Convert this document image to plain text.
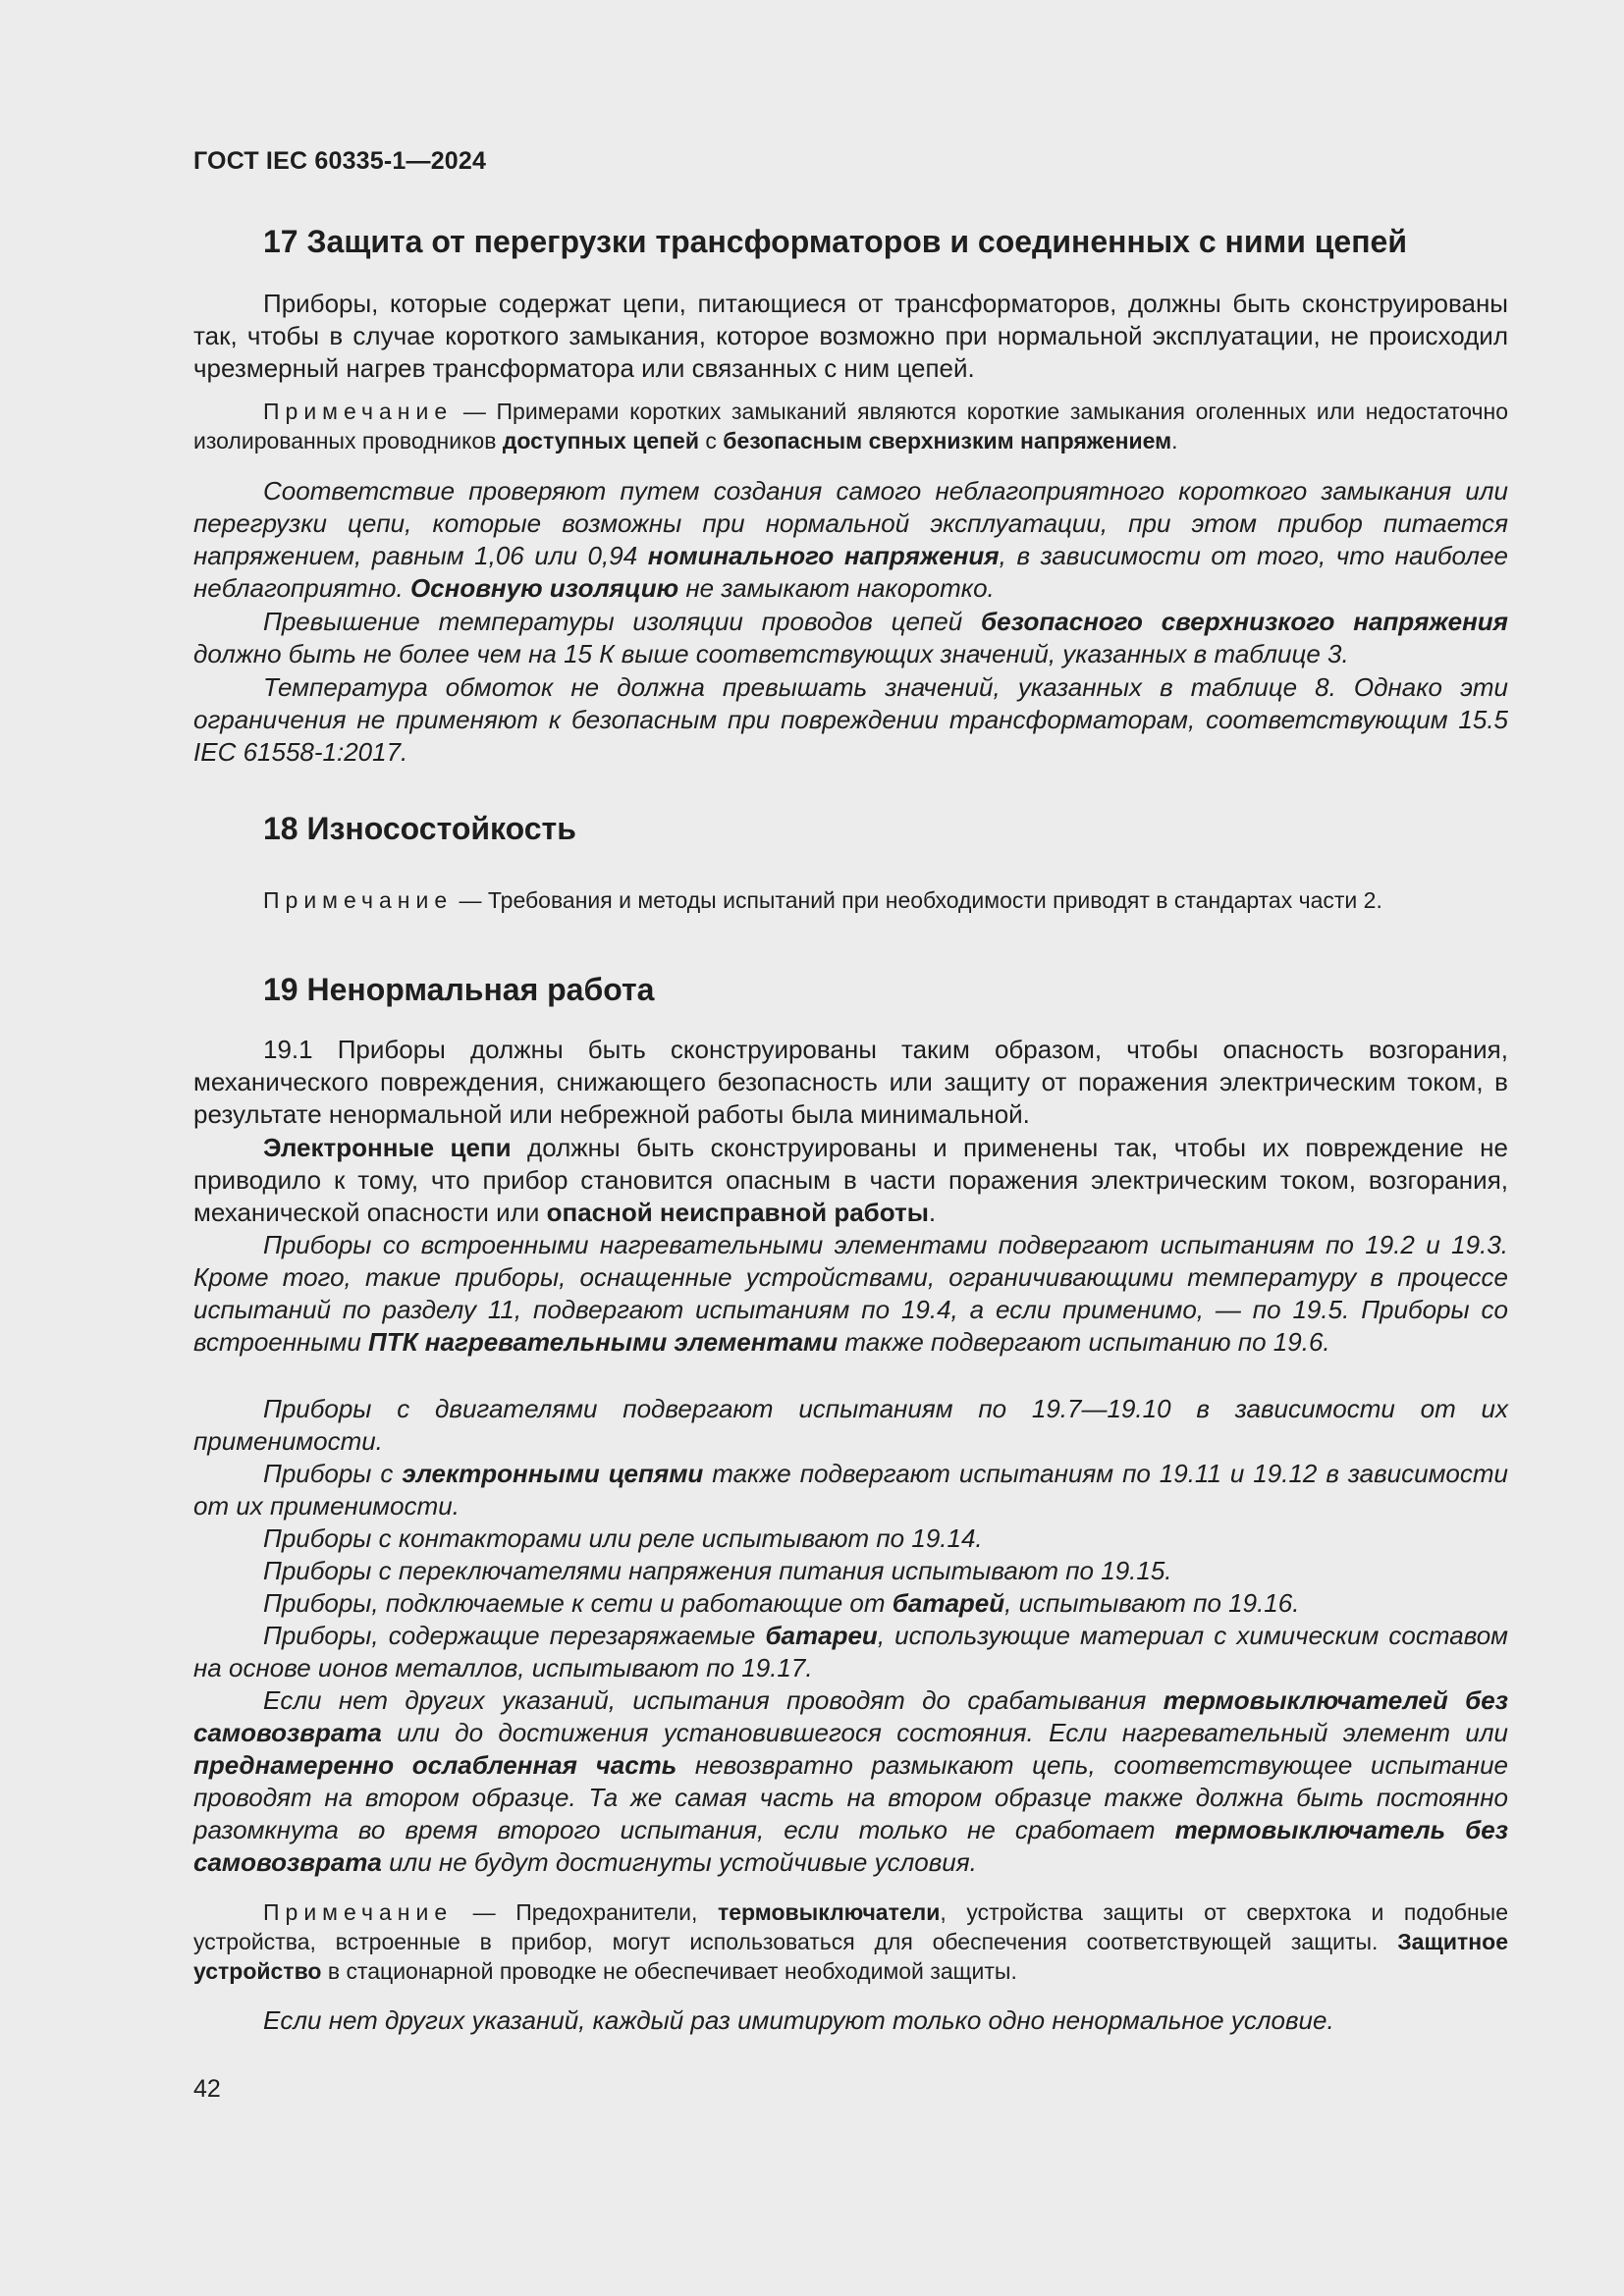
ГОСТ IEC 60335-1—2024
17 Защита от перегрузки трансформаторов и соединенных с ними цепей
Приборы, которые содержат цепи, питающиеся от трансформаторов, должны быть сконструированы так, чтобы в случае короткого замыкания, которое возможно при нормальной эксплуатации, не происходил чрезмерный нагрев трансформатора или связанных с ним цепей.
Примечание — Примерами коротких замыканий являются короткие замыкания оголенных или недостаточно изолированных проводников доступных цепей с безопасным сверхнизким напряжением.
Соответствие проверяют путем создания самого неблагоприятного короткого замыкания или перегрузки цепи, которые возможны при нормальной эксплуатации, при этом прибор питается напряжением, равным 1,06 или 0,94 номинального напряжения, в зависимости от того, что наиболее неблагоприятно. Основную изоляцию не замыкают накоротко.
Превышение температуры изоляции проводов цепей безопасного сверхнизкого напряжения должно быть не более чем на 15 К выше соответствующих значений, указанных в таблице 3.
Температура обмоток не должна превышать значений, указанных в таблице 8. Однако эти ограничения не применяют к безопасным при повреждении трансформаторам, соответствующим 15.5 IEC 61558-1:2017.
18 Износостойкость
Примечание — Требования и методы испытаний при необходимости приводят в стандартах части 2.
19 Ненормальная работа
19.1 Приборы должны быть сконструированы таким образом, чтобы опасность возгорания, механического повреждения, снижающего безопасность или защиту от поражения электрическим током, в результате ненормальной или небрежной работы была минимальной.
Электронные цепи должны быть сконструированы и применены так, чтобы их повреждение не приводило к тому, что прибор становится опасным в части поражения электрическим током, возгорания, механической опасности или опасной неисправной работы.
Приборы со встроенными нагревательными элементами подвергают испытаниям по 19.2 и 19.3. Кроме того, такие приборы, оснащенные устройствами, ограничивающими температуру в процессе испытаний по разделу 11, подвергают испытаниям по 19.4, а если применимо, — по 19.5. Приборы со встроенными ПТК нагревательными элементами также подвергают испытанию по 19.6.
Приборы с двигателями подвергают испытаниям по 19.7—19.10 в зависимости от их применимости.
Приборы с электронными цепями также подвергают испытаниям по 19.11 и 19.12 в зависимости от их применимости.
Приборы с контакторами или реле испытывают по 19.14.
Приборы с переключателями напряжения питания испытывают по 19.15.
Приборы, подключаемые к сети и работающие от батарей, испытывают по 19.16.
Приборы, содержащие перезаряжаемые батареи, использующие материал с химическим составом на основе ионов металлов, испытывают по 19.17.
Если нет других указаний, испытания проводят до срабатывания термовыключателей без самовозврата или до достижения установившегося состояния. Если нагревательный элемент или преднамеренно ослабленная часть невозвратно размыкают цепь, соответствующее испытание проводят на втором образце. Та же самая часть на втором образце также должна быть постоянно разомкнута во время второго испытания, если только не сработает термовыключатель без самовозврата или не будут достигнуты устойчивые условия.
Примечание — Предохранители, термовыключатели, устройства защиты от сверхтока и подобные устройства, встроенные в прибор, могут использоваться для обеспечения соответствующей защиты. Защитное устройство в стационарной проводке не обеспечивает необходимой защиты.
Если нет других указаний, каждый раз имитируют только одно ненормальное условие.
42
